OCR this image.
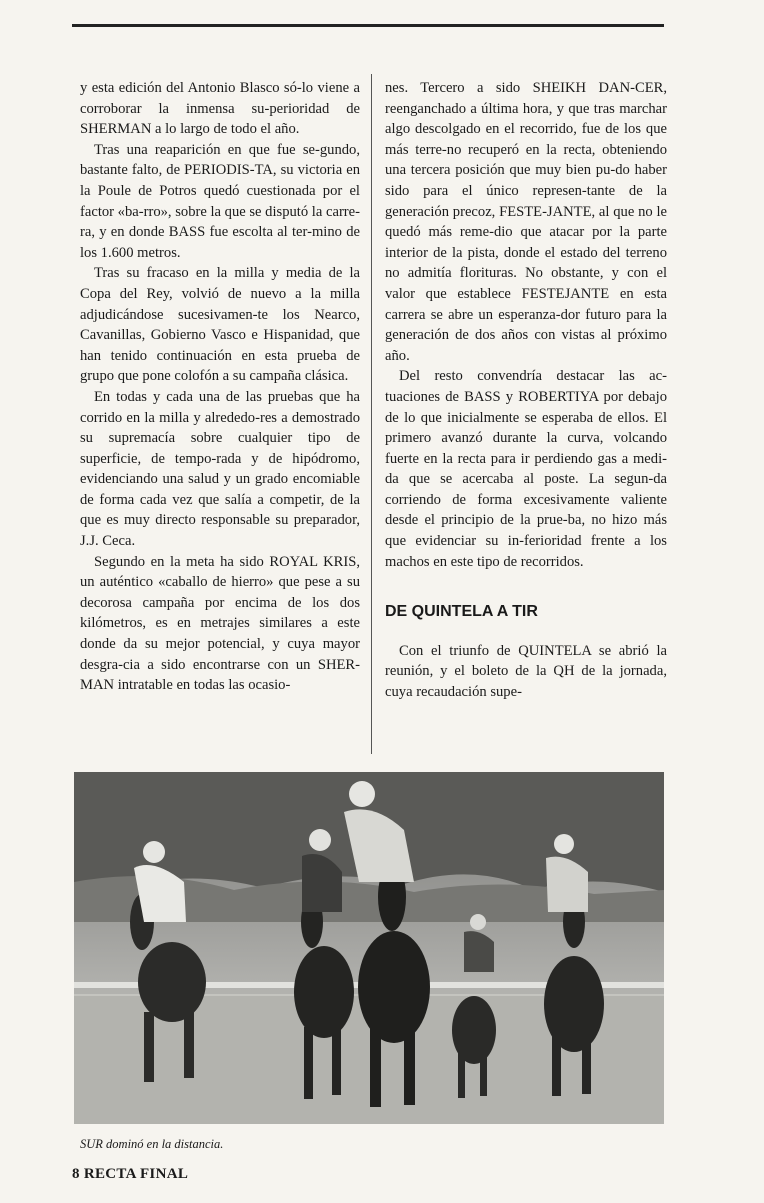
y esta edición del Antonio Blasco só-lo viene a corroborar la inmensa su-perioridad de SHERMAN a lo largo de todo el año.

Tras una reaparición en que fue se-gundo, bastante falto, de PERIODIS-TA, su victoria en la Poule de Potros quedó cuestionada por el factor «ba-rro», sobre la que se disputó la carre-ra, y en donde BASS fue escolta al ter-mino de los 1.600 metros.

Tras su fracaso en la milla y media de la Copa del Rey, volvió de nuevo a la milla adjudicándose sucesivamen-te los Nearco, Cavanillas, Gobierno Vasco e Hispanidad, que han tenido continuación en esta prueba de grupo que pone colofón a su campaña clásica.

En todas y cada una de las pruebas que ha corrido en la milla y alrededo-res a demostrado su supremacía sobre cualquier tipo de superficie, de tempo-rada y de hipódromo, evidenciando una salud y un grado encomiable de forma cada vez que salía a competir, de la que es muy directo responsable su preparador, J.J. Ceca.

Segundo en la meta ha sido ROYAL KRIS, un auténtico «caballo de hierro» que pese a su decorosa campaña por encima de los dos kilómetros, es en metrajes similares a este donde da su mejor potencial, y cuya mayor desgra-cia a sido encontrarse con un SHER-MAN intratable en todas las ocasio-

nes. Tercero a sido SHEIKH DAN-CER, reenganchado a última hora, y que tras marchar algo descolgado en el recorrido, fue de los que más terre-no recuperó en la recta, obteniendo una tercera posición que muy bien pu-do haber sido para el único represen-tante de la generación precoz, FESTE-JANTE, al que no le quedó más reme-dio que atacar por la parte interior de la pista, donde el estado del terreno no admitía florituras. No obstante, y con el valor que establece FESTEJANTE en esta carrera se abre un esperanza-dor futuro para la generación de dos años con vistas al próximo año.

Del resto convendría destacar las ac-tuaciones de BASS y ROBERTIYA por debajo de lo que inicialmente se esperaba de ellos. El primero avanzó durante la curva, volcando fuerte en la recta para ir perdiendo gas a medi-da que se acercaba al poste. La segun-da corriendo de forma excesivamente valiente desde el principio de la prue-ba, no hizo más que evidenciar su in-ferioridad frente a los machos en este tipo de recorridos.

DE QUINTELA A TIR

Con el triunfo de QUINTELA se abrió la reunión, y el boleto de la QH de la jornada, cuya recaudación supe-

SUR dominó en la distancia.
8 RECTA FINAL
